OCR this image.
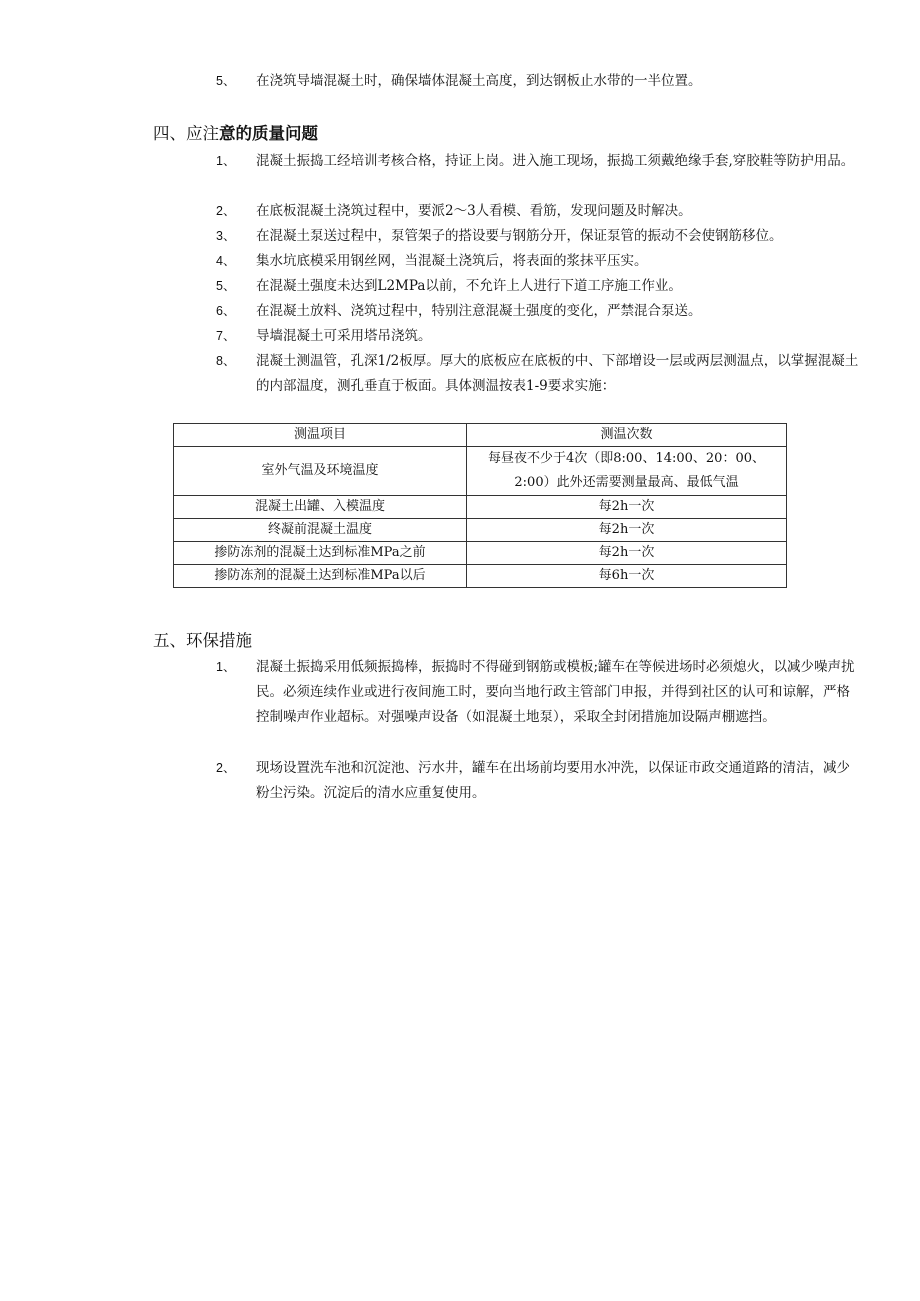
5、 在浇筑导墙混凝土时，确保墙体混凝土高度，到达钢板止水带的一半位置。
四、应注意的质量问题
1、 混凝土振捣工经培训考核合格，持证上岗。进入施工现场，振捣工须戴绝缘手套,穿胶鞋等防护用品。
2、 在底板混凝土浇筑过程中，要派2～3人看模、看筋，发现问题及时解决。
3、 在混凝土泵送过程中，泵管架子的搭设要与钢筋分开，保证泵管的振动不会使钢筋移位。
4、 集水坑底模采用钢丝网，当混凝土浇筑后，将表面的浆抹平压实。
5、 在混凝土强度未达到L2MPa以前，不允许上人进行下道工序施工作业。
6、 在混凝土放料、浇筑过程中，特别注意混凝土强度的变化，严禁混合泵送。
7、 导墙混凝土可采用塔吊浇筑。
8、 混凝土测温管，孔深1/2板厚。厚大的底板应在底板的中、下部增设一层或两层测温点，以掌握混凝土的内部温度，测孔垂直于板面。具体测温按表1-9要求实施：
测温项目	测温次数
室外气温及环境温度	每昼夜不少于4次（即8:00、14:00、20：00、
2:00）此外还需要测量最高、最低气温

混凝土出罐、入模温度	每2h一次
终凝前混凝土温度	每2h一次
掺防冻剂的混凝土达到标准MPa之前	每2h一次
掺防冻剂的混凝土达到标准MPa以后	每6h一次
五、环保措施
1、 混凝土振捣采用低频振捣棒，振捣时不得碰到钢筋或模板;罐车在等候进场时必须熄火，以减少噪声扰民。必须连续作业或进行夜间施工时，要向当地行政主管部门申报，并得到社区的认可和谅解，严格控制噪声作业超标。对强噪声设备（如混凝土地泵），采取全封闭措施加设隔声棚遮挡。
2、 现场设置洗车池和沉淀池、污水井，罐车在出场前均要用水冲洗，以保证市政交通道路的清洁，减少粉尘污染。沉淀后的清水应重复使用。
